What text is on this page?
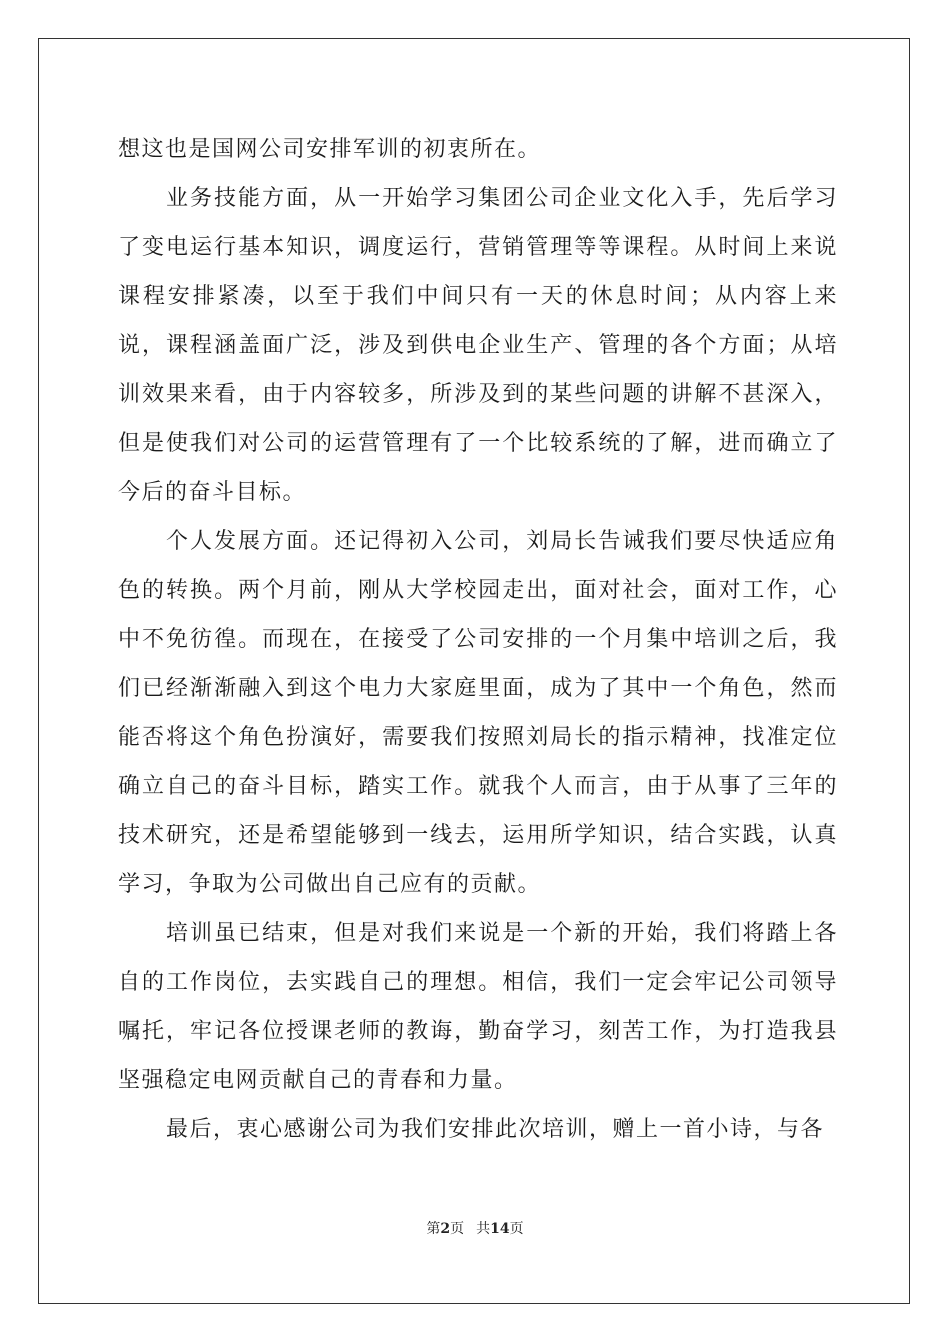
想这也是国网公司安排军训的初衷所在。

业务技能方面，从一开始学习集团公司企业文化入手，先后学习了变电运行基本知识，调度运行，营销管理等等课程。从时间上来说课程安排紧凑，以至于我们中间只有一天的休息时间；从内容上来说，课程涵盖面广泛，涉及到供电企业生产、管理的各个方面；从培训效果来看，由于内容较多，所涉及到的某些问题的讲解不甚深入，但是使我们对公司的运营管理有了一个比较系统的了解，进而确立了今后的奋斗目标。

个人发展方面。还记得初入公司，刘局长告诫我们要尽快适应角色的转换。两个月前，刚从大学校园走出，面对社会，面对工作，心中不免彷徨。而现在，在接受了公司安排的一个月集中培训之后，我们已经渐渐融入到这个电力大家庭里面，成为了其中一个角色，然而能否将这个角色扮演好，需要我们按照刘局长的指示精神，找准定位确立自己的奋斗目标，踏实工作。就我个人而言，由于从事了三年的技术研究，还是希望能够到一线去，运用所学知识，结合实践，认真学习，争取为公司做出自己应有的贡献。

培训虽已结束，但是对我们来说是一个新的开始，我们将踏上各自的工作岗位，去实践自己的理想。相信，我们一定会牢记公司领导嘱托，牢记各位授课老师的教诲，勤奋学习，刻苦工作，为打造我县坚强稳定电网贡献自己的青春和力量。

最后，衷心感谢公司为我们安排此次培训，赠上一首小诗，与各

第2页 共14页
